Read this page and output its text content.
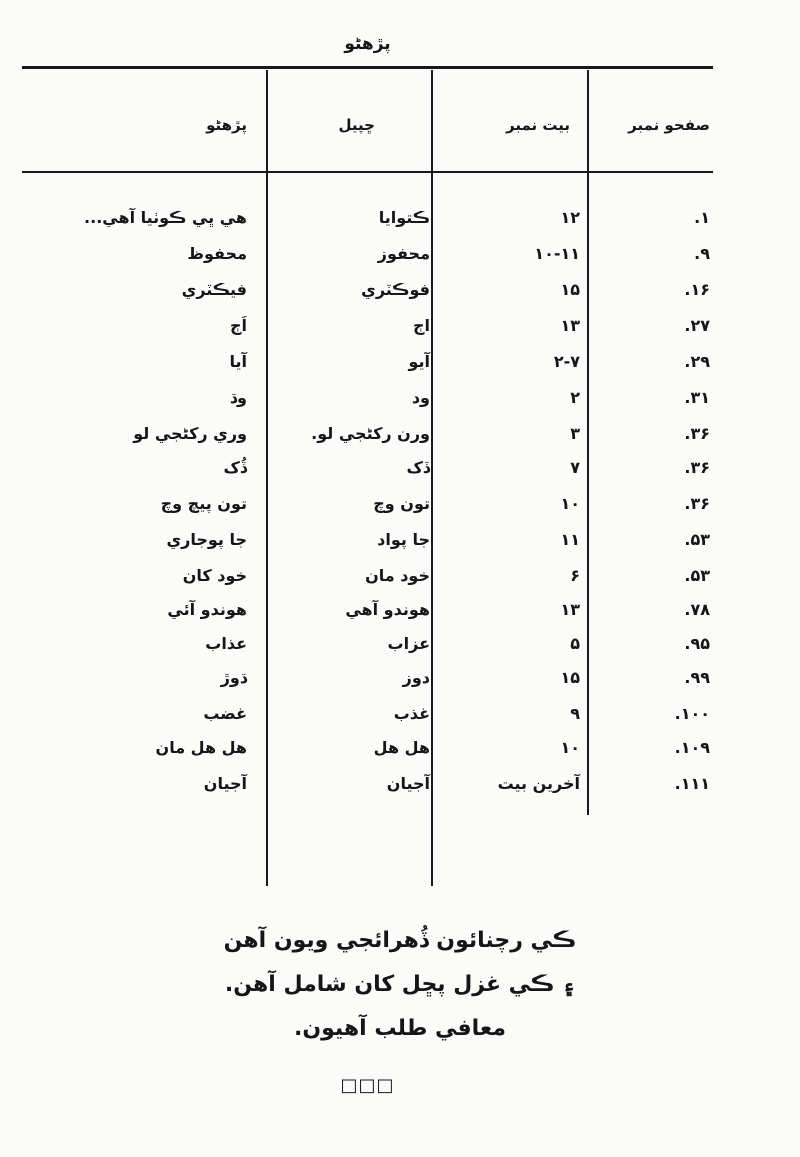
پڙهڻو
صفحو نمبر
بيت نمبر
ڇپيل
پڙهڻو
۱.
۱۲
ڪتوايا
هي ڀي ڪوٺيا آهي...
۹.
۱۰-۱۱
محفوز
محفوظ
۱۶.
۱۵
فوڪٽري
فيڪٽري
۲۷.
۱۳
اڄ
اَڄ
۲۹.
۲-۷
آيو
آيا
۳۱.
۲
ود
وڌ
۳۶.
۳
ورن رکڻجي لو.
وري رکڻجي لو
۳۶.
۷
ڏک
ڏُک
۳۶.
۱۰
تون وچ
تون پيچ وچ
۵۳.
۱۱
جا پواد
جا پوجاري
۵۳.
۶
خود مان
خود کان
۷۸.
۱۳
هوندو آهي
هوندو آئي
۹۵.
۵
عزاب
عذاب
۹۹.
۱۵
دوز
ڌوڙ
۱۰۰.
۹
غذب
غضب
۱۰۹.
۱۰
هل هل
هل هل مان
۱۱۱.
آخرين بيت
آجيان
آجيان
ڪي رچنائون ڏُهرائجي ويون آهن
۽ ڪي غزل پڇل کان شامل آهن.
معافي طلب آهيون.
□□□
